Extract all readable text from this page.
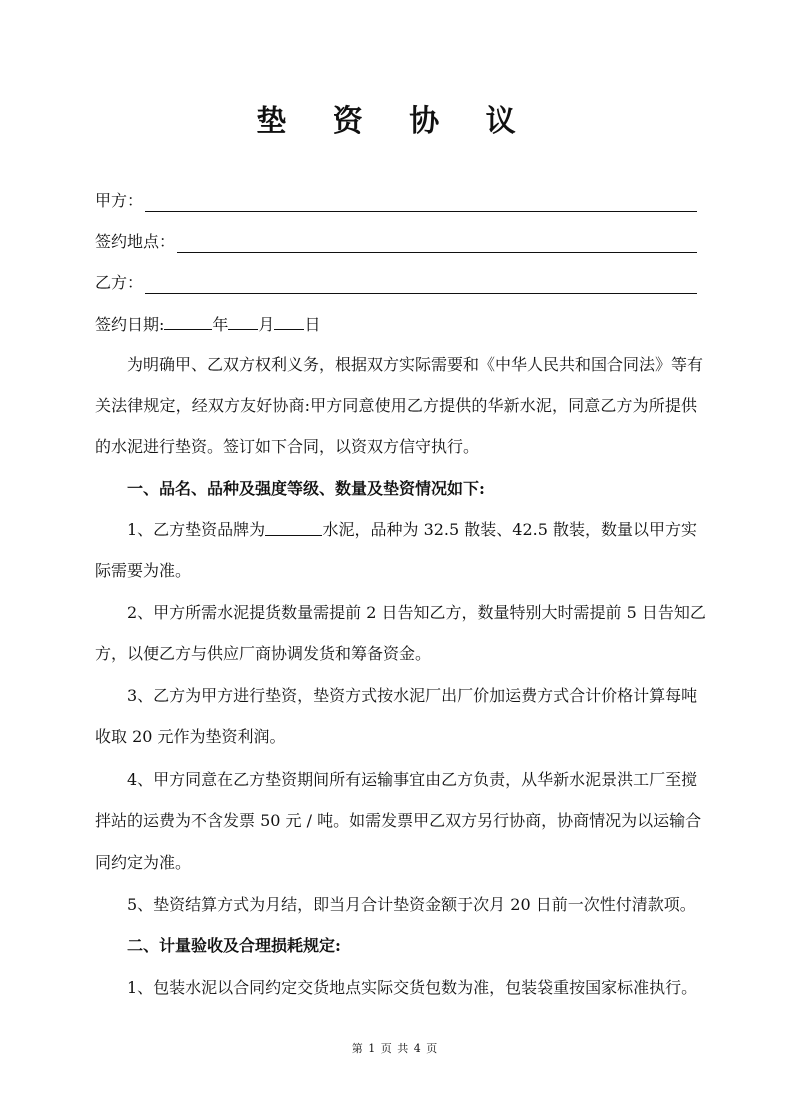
垫 资 协 议
甲方：
签约地点：
乙方：
签约日期:	年 月 日
为明确甲、乙双方权利义务，根据双方实际需要和《中华人民共和国合同法》等有
关法律规定，经双方友好协商:甲方同意使用乙方提供的华新水泥，同意乙方为所提供
的水泥进行垫资。签订如下合同，以资双方信守执行。
一、品名、品种及强度等级、数量及垫资情况如下:
1、乙方垫资品牌为	水泥，品种为 32.5 散装、42.5 散装，数量以甲方实
际需要为准。
2、甲方所需水泥提货数量需提前 2 日告知乙方，数量特别大时需提前 5 日告知乙
方，以便乙方与供应厂商协调发货和筹备资金。
3、乙方为甲方进行垫资，垫资方式按水泥厂出厂价加运费方式合计价格计算每吨
收取 20 元作为垫资利润。
4、甲方同意在乙方垫资期间所有运输事宜由乙方负责，从华新水泥景洪工厂至搅
拌站的运费为不含发票 50 元 / 吨。如需发票甲乙双方另行协商，协商情况为以运输合
同约定为准。
5、垫资结算方式为月结，即当月合计垫资金额于次月 20 日前一次性付清款项。
二、计量验收及合理损耗规定:
1、包装水泥以合同约定交货地点实际交货包数为准，包装袋重按国家标准执行。
第 1 页 共 4 页
